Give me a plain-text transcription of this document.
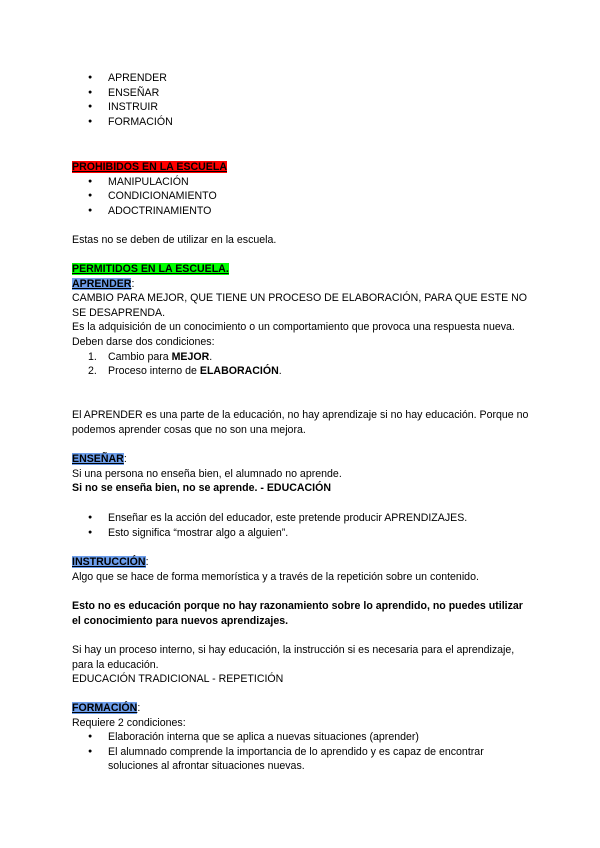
● APRENDER
● ENSEÑAR
● INSTRUIR
● FORMACIÓN

PROHIBIDOS EN LA ESCUELA

● MANIPULACIÓN
● CONDICIONAMIENTO
● ADOCTRINAMIENTO

Estas no se deben de utilizar en la escuela.

PERMITIDOS EN LA ESCUELA.

APRENDER:

CAMBIO PARA MEJOR, QUE TIENE UN PROCESO DE ELABORACIÓN, PARA QUE ESTE NO SE DESAPRENDA.

Es la adquisición de un conocimiento o un comportamiento que provoca una respuesta nueva.

Deben darse dos condiciones:

1. Cambio para MEJOR.
2. Proceso interno de ELABORACIÓN.

El APRENDER es una parte de la educación, no hay aprendizaje si no hay educación. Porque no podemos aprender cosas que no son una mejora.

ENSEÑAR:

Si una persona no enseña bien, el alumnado no aprende.

Si no se enseña bien, no se aprende. - EDUCACIÓN

● Enseñar es la acción del educador, este pretende producir APRENDIZAJES.
● Esto significa “mostrar algo a alguien”.

INSTRUCCIÓN:

Algo que se hace de forma memorística y a través de la repetición sobre un contenido.

Esto no es educación porque no hay razonamiento sobre lo aprendido, no puedes utilizar el conocimiento para nuevos aprendizajes.

Si hay un proceso interno, si hay educación, la instrucción si es necesaria para el aprendizaje, para la educación.

EDUCACIÓN TRADICIONAL - REPETICIÓN

FORMACIÓN:

Requiere 2 condiciones:

● Elaboración interna que se aplica a nuevas situaciones (aprender)
● El alumnado comprende la importancia de lo aprendido y es capaz de encontrar soluciones al afrontar situaciones nuevas.
